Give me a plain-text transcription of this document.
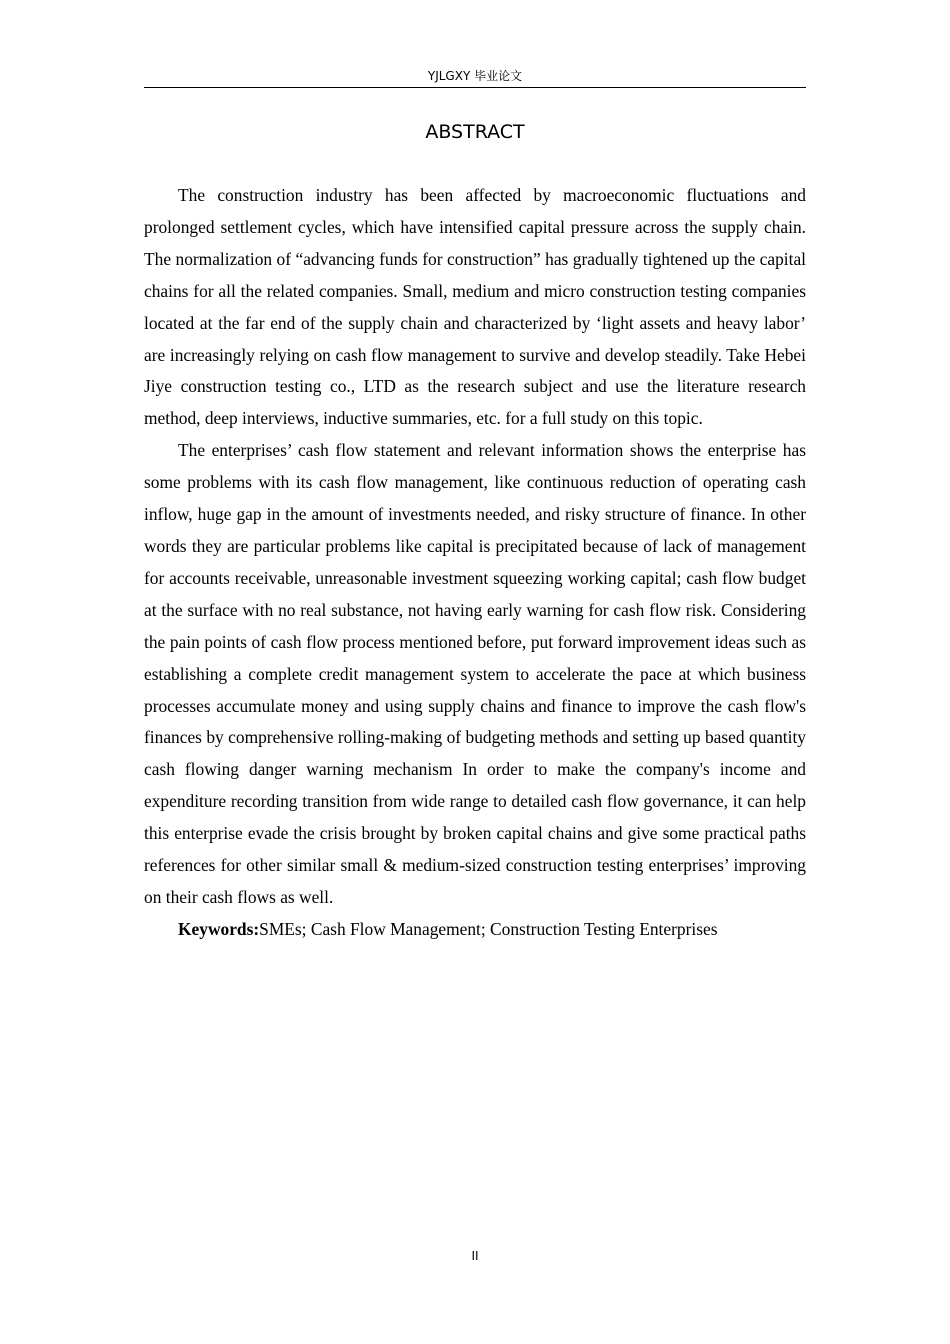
YJLGXY 毕业论文
ABSTRACT

The construction industry has been affected by macroeconomic fluctuations and prolonged settlement cycles, which have intensified capital pressure across the supply chain. The normalization of “advancing funds for construction” has gradually tightened up the capital chains for all the related companies. Small, medium and micro construction testing companies located at the far end of the supply chain and characterized by ‘light assets and heavy labor’ are increasingly relying on cash flow management to survive and develop steadily. Take Hebei Jiye construction testing co., LTD as the research subject and use the literature research method, deep interviews, inductive summaries, etc. for a full study on this topic.

The enterprises’ cash flow statement and relevant information shows the enterprise has some problems with its cash flow management, like continuous reduction of operating cash inflow, huge gap in the amount of investments needed, and risky structure of finance. In other words they are particular problems like capital is precipitated because of lack of management for accounts receivable, unreasonable investment squeezing working capital; cash flow budget at the surface with no real substance, not having early warning for cash flow risk. Considering the pain points of cash flow process mentioned before, put forward improvement ideas such as establishing a complete credit management system to accelerate the pace at which business processes accumulate money and using supply chains and finance to improve the cash flow's finances by comprehensive rolling-making of budgeting methods and setting up based quantity cash flowing danger warning mechanism In order to make the company's income and expenditure recording transition from wide range to detailed cash flow governance, it can help this enterprise evade the crisis brought by broken capital chains and give some practical paths references for other similar small & medium-sized construction testing enterprises’ improving on their cash flows as well.

Keywords:SMEs; Cash Flow Management; Construction Testing Enterprises

II
